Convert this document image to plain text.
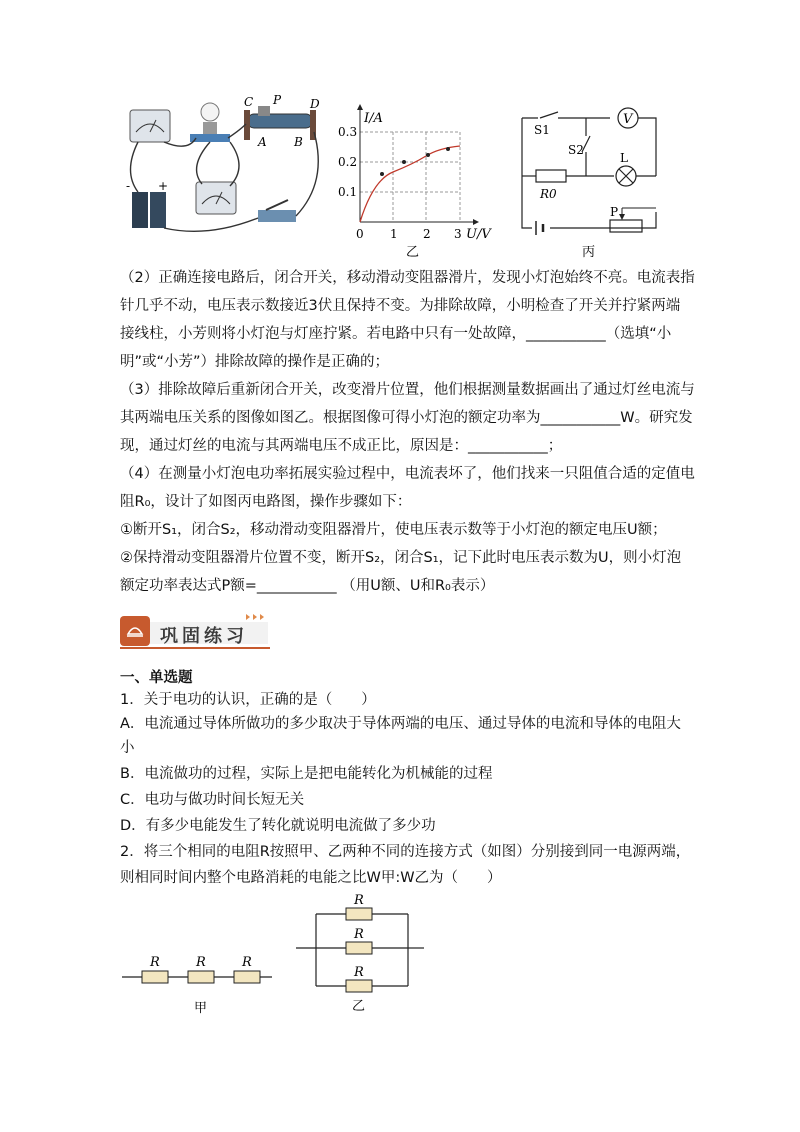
C P D
A B
- +
I/A
0.3
0.2
0.1
0 1 2 3 U/V
乙
V
S1
S2
L
R0
P
丙
（2）正确连接电路后，闭合开关，移动滑动变阻器滑片，发现小灯泡始终不亮。电流表指
针几乎不动，电压表示数接近3伏且保持不变。为排除故障，小明检查了开关并拧紧两端
接线柱，小芳则将小灯泡与灯座拧紧。若电路中只有一处故障，___________（选填“小
明”或“小芳”）排除故障的操作是正确的；
（3）排除故障后重新闭合开关，改变滑片位置，他们根据测量数据画出了通过灯丝电流与
其两端电压关系的图像如图乙。根据图像可得小灯泡的额定功率为___________W。研究发
现，通过灯丝的电流与其两端电压不成正比，原因是：___________；
（4）在测量小灯泡电功率拓展实验过程中，电流表坏了，他们找来一只阻值合适的定值电
阻R₀，设计了如图丙电路图，操作步骤如下：
①断开S₁，闭合S₂，移动滑动变阻器滑片，使电压表示数等于小灯泡的额定电压U额；
②保持滑动变阻器滑片位置不变，断开S₂，闭合S₁，记下此时电压表示数为U，则小灯泡
额定功率表达式P额=___________ （用U额、U和R₀表示）
巩固练习
一、单选题
1．关于电功的认识，正确的是（　　）
A．电流通过导体所做功的多少取决于导体两端的电压、通过导体的电流和导体的电阻大
小
B．电流做功的过程，实际上是把电能转化为机械能的过程
C．电功与做功时间长短无关
D．有多少电能发生了转化就说明电流做了多少功
2．将三个相同的电阻R按照甲、乙两种不同的连接方式（如图）分别接到同一电源两端，
则相同时间内整个电路消耗的电能之比W甲:W乙为（　　）
R	R	R
甲
R
R
R
乙
